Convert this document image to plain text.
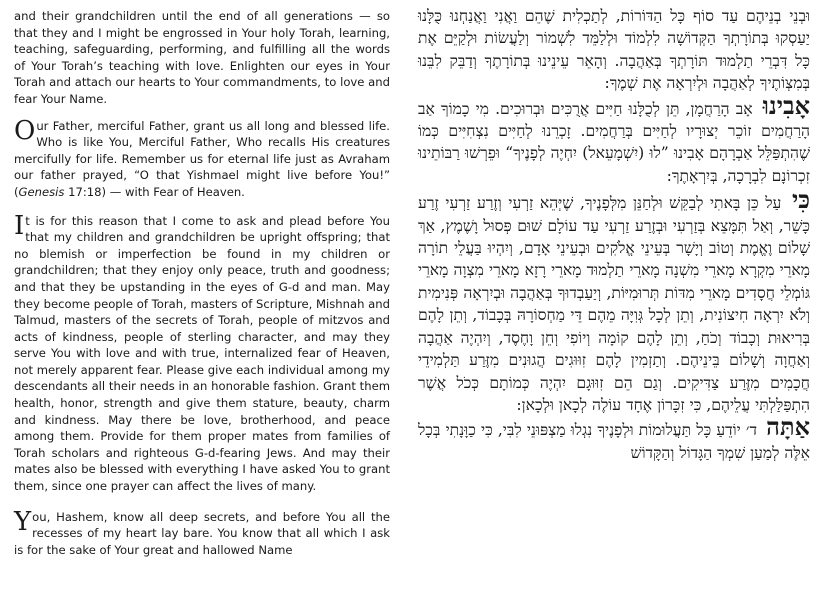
and their grandchildren until the end of all generations — so that they and I might be engrossed in Your holy Torah, learning, teaching, safeguarding, performing, and fulfilling all the words of Your Torah’s teaching with love. Enlighten our eyes in Your Torah and attach our hearts to Your commandments, to love and fear Your Name.

Our Father, merciful Father, grant us all long and blessed life. Who is like You, Merciful Father, Who recalls His creatures mercifully for life. Remember us for eternal life just as Avraham our father prayed, “O that Yishmael might live before You!” (Genesis 17:18) — with Fear of Heaven.

It is for this reason that I come to ask and plead before You that my children and grandchildren be upright offspring; that no blemish or imperfection be found in my children or grandchildren; that they enjoy only peace, truth and goodness; and that they be upstanding in the eyes of G-d and man. May they become people of Torah, masters of Scripture, Mishnah and Talmud, masters of the secrets of Torah, people of mitzvos and acts of kindness, people of sterling character, and may they serve You with love and with true, internalized fear of Heaven, not merely apparent fear. Please give each individual among my descendants all their needs in an honorable fashion. Grant them health, honor, strength and give them stature, beauty, charm and kindness. May there be love, brotherhood, and peace among them. Provide for them proper mates from families of Torah scholars and righteous G-d-fearing Jews. And may their mates also be blessed with everything I have asked You to grant them, since one prayer can affect the lives of many.

You, Hashem, know all deep secrets, and before You all the recesses of my heart lay bare. You know that all which I ask is for the sake of Your great and hallowed Name

וּבְנֵי בְנֵיהֶם עַד סוֹף כָּל הַדּוֹרוֹת, לְתַכְלִית שֶׁהֵם וַאֲנִי וַאֲנַחְנוּ כֻּלָּנוּ יַעַסְקוּ בְּתוֹרָתְךָ הַקְּדוֹשָׁה לִלְמוֹד וּלְלַמֵּד לִשְׁמוֹר וְלַעֲשׂוֹת וּלְקַיֵּם אֶת כָּל דִּבְרֵי תַלְמוּד תּוֹרָתְךָ בְּאַהֲבָה. וְהָאֵר עֵינֵינוּ בְּתוֹרָתֶךָ וְדַבֵּק לִבֵּנוּ בְּמִצְוֹתֶיךָ לְאַהֲבָה וּלְיִרְאָה אֶת שְׁמֶךָ:

אָבִינוּ אָב הָרַחֲמָן, תֵּן לְכֻלָּנוּ חַיִּים אֲרֻכִּים וּבְרוּכִים. מִי כָמוֹךָ אַב הָרַחֲמִים זוֹכֵר יְצוּרָיו לְחַיִּים בְּרַחֲמִים. זָכְרֵנוּ לְחַיִּים נִצְחִיִּים כְּמוֹ שֶׁהִתְפַּלֵּל אַבְרָהָם אָבִינוּ ”לוּ (יִשְׁמָעֵאל) יִחְיֶה לְפָנֶיךָ“ וּפֵרְשׁוּ רַבּוֹתֵינוּ זִכְרוֹנָם לִבְרָכָה, בְּיִרְאָתֶךָ:

כִּי עַל כֵּן בָּאתִי לְבַקֵּשׁ וּלְחַנֵּן מִלְּפָנֶיךָ, שֶׁיְּהֵא זַרְעִי וְזֶרַע זַרְעִי זֶרַע כָּשֵׁר, וְאַל תִּמָּצֵא בְּזַרְעִי וּבְזֶרַע זַרְעִי עַד עוֹלָם שׁוּם פְּסוּל וָשֶׁמֶץ, אַךְ שָׁלוֹם וֶאֱמֶת וְטוֹב וְיָשָׁר בְּעֵינֵי אֱלֹקִים וּבְעֵינֵי אָדָם, וְיִהְיוּ בַּעֲלֵי תוֹרָה מָארֵי מִקְרָא מָארֵי מִשְׁנָה מָארֵי תַלְמוּד מָארֵי רָזָא מָארֵי מִצְוָה מָארֵי גּוֹמְלֵי חֲסָדִים מָארֵי מִדּוֹת תְּרוּמִיּוֹת, וְיַעַבְדוּךָ בְּאַהֲבָה וּבְיִרְאָה פְּנִימִית וְלֹא יִרְאָה חִיצוֹנִית, וְתֵן לְכָל גְּוִיָּה מֵהֶם דֵּי מַחְסוֹרָהּ בְּכָבוֹד, וְתֵן לָהֶם בְּרִיאוּת וְכָבוֹד וְכֹחַ, וְתֵן לָהֶם קוֹמָה וְיוֹפִי וְחֵן וָחֶסֶד, וְיִהְיֶה אַהֲבָה וְאַחֲוָה וְשָׁלוֹם בֵּינֵיהֶם. וְתַזְמִין לָהֶם זִוּוּגִים הֲגוּנִים מִזֶּרַע תַּלְמִידֵי חֲכָמִים מִזֶּרַע צַדִּיקִים. וְגַם הֵם זִוּוּגָם יִהְיֶה כְּמוֹתָם כְּכֹל אֲשֶׁר הִתְפַּלַּלְתִּי עֲלֵיהֶם, כִּי זִכָּרוֹן אֶחָד עוֹלֶה לְכָאן וּלְכָאן:

אַתָּה ד׳ יוֹדֵעַ כָּל תַּעֲלוּמוֹת וּלְפָנֶיךָ נִגְלוּ מַצְפּוּנֵי לִבִּי, כִּי כַוָּנָתִי בְּכָל אֵלֶּה לְמַעַן שִׁמְךָ הַגָּדוֹל וְהַקָּדוֹשׁ
